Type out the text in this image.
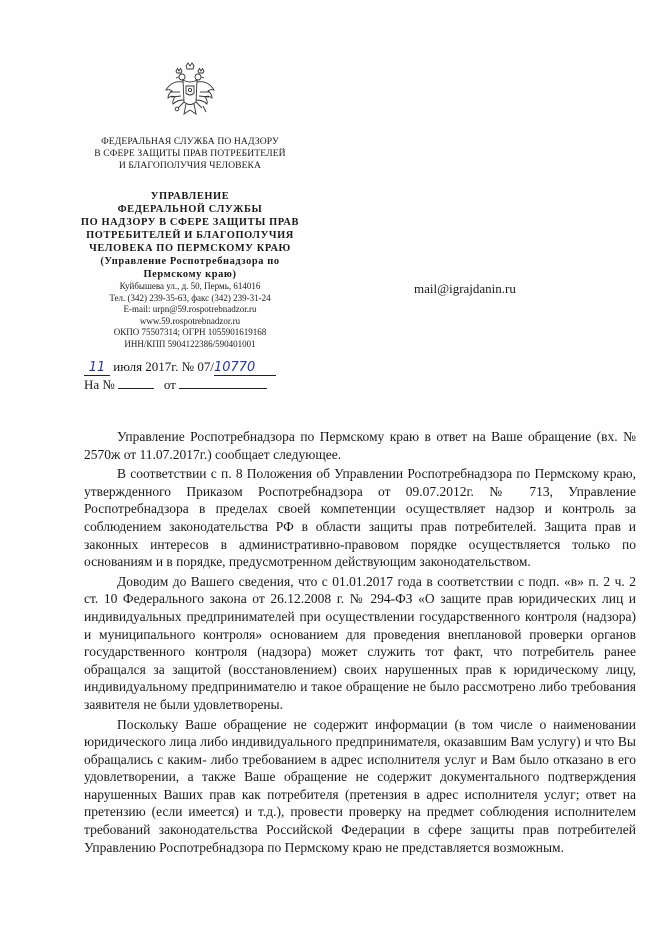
ФЕДЕРАЛЬНАЯ СЛУЖБА ПО НАДЗОРУ
В СФЕРЕ ЗАЩИТЫ ПРАВ ПОТРЕБИТЕЛЕЙ
И БЛАГОПОЛУЧИЯ ЧЕЛОВЕКА
УПРАВЛЕНИЕ
ФЕДЕРАЛЬНОЙ СЛУЖБЫ
ПО НАДЗОРУ В СФЕРЕ ЗАЩИТЫ ПРАВ
ПОТРЕБИТЕЛЕЙ И БЛАГОПОЛУЧИЯ
ЧЕЛОВЕКА ПО ПЕРМСКОМУ КРАЮ
(Управление Роспотребнадзора по
Пермскому краю)
Куйбышева ул., д. 50, Пермь, 614016
Тел. (342) 239-35-63, факс (342) 239-31-24
E-mail: urpn@59.rospotrebnadzor.ru
www.59.rospotrebnadzor.ru
ОКПО 75507314; ОГРН 1055901619168
ИНН/КПП 5904122386/590401001
mail@igrajdanin.ru
11 июля 2017г. № 07/10770
На №	от

Управление Роспотребнадзора по Пермскому краю в ответ на Ваше обращение (вх. № 2570ж от 11.07.2017г.) сообщает следующее.

В соответствии с п. 8 Положения об Управлении Роспотребнадзора по Пермскому краю, утвержденного Приказом Роспотребнадзора от 09.07.2012г. № 713, Управление Роспотребнадзора в пределах своей компетенции осуществляет надзор и контроль за соблюдением законодательства РФ в области защиты прав потребителей. Защита прав и законных интересов в административно-правовом порядке осуществляется только по основаниям и в порядке, предусмотренном действующим законодательством.

Доводим до Вашего сведения, что с 01.01.2017 года в соответствии с подп. «в» п. 2 ч. 2 ст. 10 Федерального закона от 26.12.2008 г. № 294-ФЗ «О защите прав юридических лиц и индивидуальных предпринимателей при осуществлении государственного контроля (надзора) и муниципального контроля» основанием для проведения внеплановой проверки органов государственного контроля (надзора) может служить тот факт, что потребитель ранее обращался за защитой (восстановлением) своих нарушенных прав к юридическому лицу, индивидуальному предпринимателю и такое обращение не было рассмотрено либо требования заявителя не были удовлетворены.

Поскольку Ваше обращение не содержит информации (в том числе о наименовании юридического лица либо индивидуального предпринимателя, оказавшим Вам услугу) и что Вы обращались с каким- либо требованием в адрес исполнителя услуг и Вам было отказано в его удовлетворении, а также Ваше обращение не содержит документального подтверждения нарушенных Ваших прав как потребителя (претензия в адрес исполнителя услуг; ответ на претензию (если имеется) и т.д.), провести проверку на предмет соблюдения исполнителем требований законодательства Российской Федерации в сфере защиты прав потребителей Управлению Роспотребнадзора по Пермскому краю не представляется возможным.
